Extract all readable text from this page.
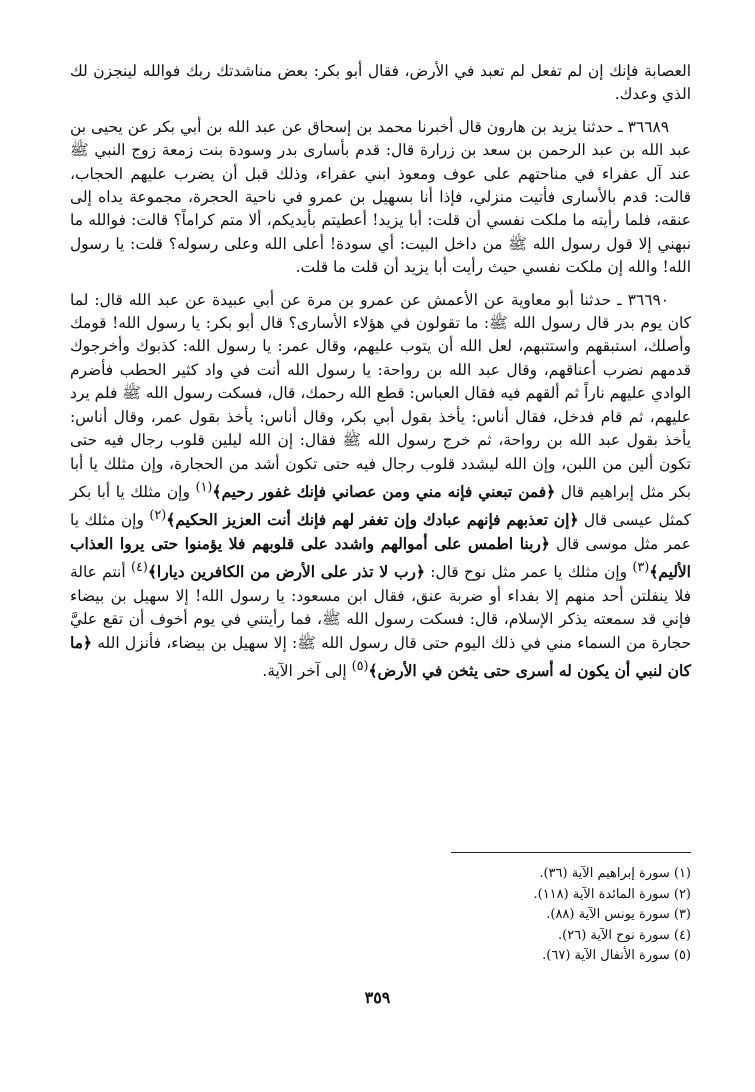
العصابة فإنك إن لم تفعل لم تعبد في الأرض، فقال أبو بكر: بعض مناشدتك ربك فوالله لينجزن لك الذي وعدك.

٣٦٦٨٩ ـ حدثنا يزيد بن هارون قال أخبرنا محمد بن إسحاق عن عبد الله بن أبي بكر عن يحيى بن عبد الله بن عبد الرحمن بن سعد بن زرارة قال: قدم بأسارى بدر وسودة بنت زمعة زوج النبي ﷺ عند آل عفراء في مناحتهم على عوف ومعوذ ابني عفراء، وذلك قبل أن يضرب عليهم الحجاب، قالت: قدم بالأسارى فأتيت منزلي، فإذا أنا بسهيل بن عمرو في ناحية الحجرة، مجموعة يداه إلى عنقه، فلما رأيته ما ملكت نفسي أن قلت: أبا يزيد! أعطيتم بأيديكم، ألا متم كراماً؟ قالت: فوالله ما نبهني إلا قول رسول الله ﷺ من داخل البيت: أي سودة! أعلى الله وعلى رسوله؟ قلت: يا رسول الله! والله إن ملكت نفسي حيث رأيت أبا يزيد أن قلت ما قلت.

٣٦٦٩٠ ـ حدثنا أبو معاوية عن الأعمش عن عمرو بن مرة عن أبي عبيدة عن عبد الله قال: لما كان يوم بدر قال رسول الله ﷺ: ما تقولون في هؤلاء الأسارى؟ قال أبو بكر: يا رسول الله! قومك وأصلك، استبقهم واستتبهم، لعل الله أن يتوب عليهم، وقال عمر: يا رسول الله: كذبوك وأخرجوك قدمهم نضرب أعناقهم، وقال عبد الله بن رواحة: يا رسول الله أنت في واد كثير الحطب فأضرم الوادي عليهم ناراً ثم ألقهم فيه فقال العباس: قطع الله رحمك، قال، فسكت رسول الله ﷺ فلم يرد عليهم، ثم قام فدخل، فقال أناس: يأخذ بقول أبي بكر، وقال أناس: يأخذ بقول عمر، وقال أناس: يأخذ بقول عبد الله بن رواحة، ثم خرج رسول الله ﷺ فقال: إن الله ليلين قلوب رجال فيه حتى تكون ألين من اللبن، وإن الله ليشدد قلوب رجال فيه حتى تكون أشد من الحجارة، وإن مثلك يا أبا بكر مثل إبراهيم قال ﴿فمن تبعني فإنه مني ومن عصاني فإنك غفور رحيم﴾$^{(١)}$ وإن مثلك يا أبا بكر كمثل عيسى قال ﴿إن تعذبهم فإنهم عبادك وإن تغفر لهم فإنك أنت العزيز الحكيم﴾$^{(٢)}$ وإن مثلك يا عمر مثل موسى قال ﴿ربنا اطمس على أموالهم واشدد على قلوبهم فلا يؤمنوا حتى يروا العذاب الأليم﴾$^{(٣)}$ وإن مثلك يا عمر مثل نوح قال: ﴿رب لا تذر على الأرض من الكافرين ديارا﴾$^{(٤)}$ أنتم عالة فلا ينفلتن أحد منهم إلا بفداء أو ضربة عنق، فقال ابن مسعود: يا رسول الله! إلا سهيل بن بيضاء فإني قد سمعته يذكر الإسلام، قال: فسكت رسول الله ﷺ، فما رأيتني في يوم أخوف أن تقع عليَّ حجارة من السماء مني في ذلك اليوم حتى قال رسول الله ﷺ: إلا سهيل بن بيضاء، فأنزل الله ﴿ما كان لنبي أن يكون له أسرى حتى يثخن في الأرض﴾$^{(٥)}$ إلى آخر الآية.

(١) سورة إبراهيم الآية (٣٦).
(٢) سورة المائدة الآية (١١٨).
(٣) سورة يونس الآية (٨٨).
(٤) سورة نوح الآية (٢٦).
(٥) سورة الأنفال الآية (٦٧).
٣٥٩
